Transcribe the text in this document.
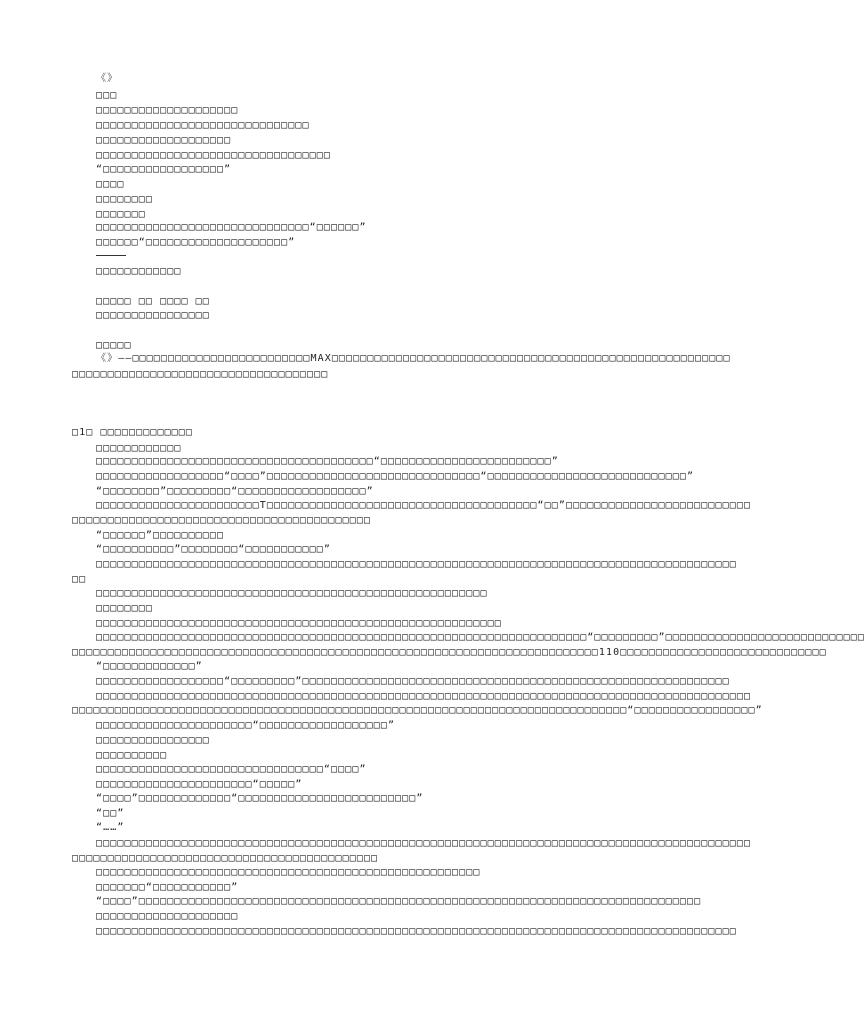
《》
□□□
□□□□□□□□□□□□□□□□□□□□
□□□□□□□□□□□□□□□□□□□□□□□□□□□□□□
□□□□□□□□□□□□□□□□□□□
□□□□□□□□□□□□□□□□□□□□□□□□□□□□□□□□□
“□□□□□□□□□□□□□□□□□”
□□□□
□□□□□□□□
□□□□□□□
□□□□□□□□□□□□□□□□□□□□□□□□□□□□□□“□□□□□□”
□□□□□□“□□□□□□□□□□□□□□□□□□□□”
□□□□□□□□□□□□
□□□□□ □□ □□□□ □□
□□□□□□□□□□□□□□□□
□□□□□
《》——□□□□□□□□□□□□□□□□□□□□□□□□□MAX□□□□□□□□□□□□□□□□□□□□□□□□□□□□□□□□□□□□□□□□□□□□□□□□□□□□□□□□
□□□□□□□□□□□□□□□□□□□□□□□□□□□□□□□□□□□□
□1□ □□□□□□□□□□□□□
□□□□□□□□□□□□
□□□□□□□□□□□□□□□□□□□□□□□□□□□□□□□□□□□□□□□“□□□□□□□□□□□□□□□□□□□□□□□□”
□□□□□□□□□□□□□□□□□□“□□□□”□□□□□□□□□□□□□□□□□□□□□□□□□□□□□□“□□□□□□□□□□□□□□□□□□□□□□□□□□□□”
“□□□□□□□□”□□□□□□□□□“□□□□□□□□□□□□□□□□□□”
□□□□□□□□□□□□□□□□□□□□□□□T□□□□□□□□□□□□□□□□□□□□□□□□□□□□□□□□□□□□□□“□□”□□□□□□□□□□□□□□□□□□□□□□□□□□
□□□□□□□□□□□□□□□□□□□□□□□□□□□□□□□□□□□□□□□□□□
“□□□□□□”□□□□□□□□□□
“□□□□□□□□□□”□□□□□□□□“□□□□□□□□□□□”
□□□□□□□□□□□□□□□□□□□□□□□□□□□□□□□□□□□□□□□□□□□□□□□□□□□□□□□□□□□□□□□□□□□□□□□□□□□□□□□□□□□□□□□□□□
□□
□□□□□□□□□□□□□□□□□□□□□□□□□□□□□□□□□□□□□□□□□□□□□□□□□□□□□□□
□□□□□□□□
□□□□□□□□□□□□□□□□□□□□□□□□□□□□□□□□□□□□□□□□□□□□□□□□□□□□□□□□□
□□□□□□□□□□□□□□□□□□□□□□□□□□□□□□□□□□□□□□□□□□□□□□□□□□□□□□□□□□□□□□□□□□□□□“□□□□□□□□□”□□□□□□□□□□□□□□□□□□□□□□□□□□□□
□□□□□□□□□□□□□□□□□□□□□□□□□□□□□□□□□□□□□□□□□□□□□□□□□□□□□□□□□□□□□□□□□□□□□□□□□□110□□□□□□□□□□□□□□□□□□□□□□□□□□□□□
“□□□□□□□□□□□□□”
□□□□□□□□□□□□□□□□□□“□□□□□□□□□”□□□□□□□□□□□□□□□□□□□□□□□□□□□□□□□□□□□□□□□□□□□□□□□□□□□□□□□□□□□□
□□□□□□□□□□□□□□□□□□□□□□□□□□□□□□□□□□□□□□□□□□□□□□□□□□□□□□□□□□□□□□□□□□□□□□□□□□□□□□□□□□□□□□□□□□□□
□□□□□□□□□□□□□□□□□□□□□□□□□□□□□□□□□□□□□□□□□□□□□□□□□□□□□□□□□□□□□□□□□□□□□□□□□□□□□□“□□□□□□□□□□□□□□□□□”
□□□□□□□□□□□□□□□□□□□□□□“□□□□□□□□□□□□□□□□□□”
□□□□□□□□□□□□□□□□
□□□□□□□□□□
□□□□□□□□□□□□□□□□□□□□□□□□□□□□□□□□“□□□□”
□□□□□□□□□□□□□□□□□□□□□□“□□□□□”
“□□□□”□□□□□□□□□□□□□“□□□□□□□□□□□□□□□□□□□□□□□□□”
“□□”
“……”
□□□□□□□□□□□□□□□□□□□□□□□□□□□□□□□□□□□□□□□□□□□□□□□□□□□□□□□□□□□□□□□□□□□□□□□□□□□□□□□□□□□□□□□□□□□□
□□□□□□□□□□□□□□□□□□□□□□□□□□□□□□□□□□□□□□□□□□□
□□□□□□□□□□□□□□□□□□□□□□□□□□□□□□□□□□□□□□□□□□□□□□□□□□□□□□
□□□□□□□“□□□□□□□□□□□”
“□□□□”□□□□□□□□□□□□□□□□□□□□□□□□□□□□□□□□□□□□□□□□□□□□□□□□□□□□□□□□□□□□□□□□□□□□□□□□□□□□□□□
□□□□□□□□□□□□□□□□□□□□
□□□□□□□□□□□□□□□□□□□□□□□□□□□□□□□□□□□□□□□□□□□□□□□□□□□□□□□□□□□□□□□□□□□□□□□□□□□□□□□□□□□□□□□□□□
